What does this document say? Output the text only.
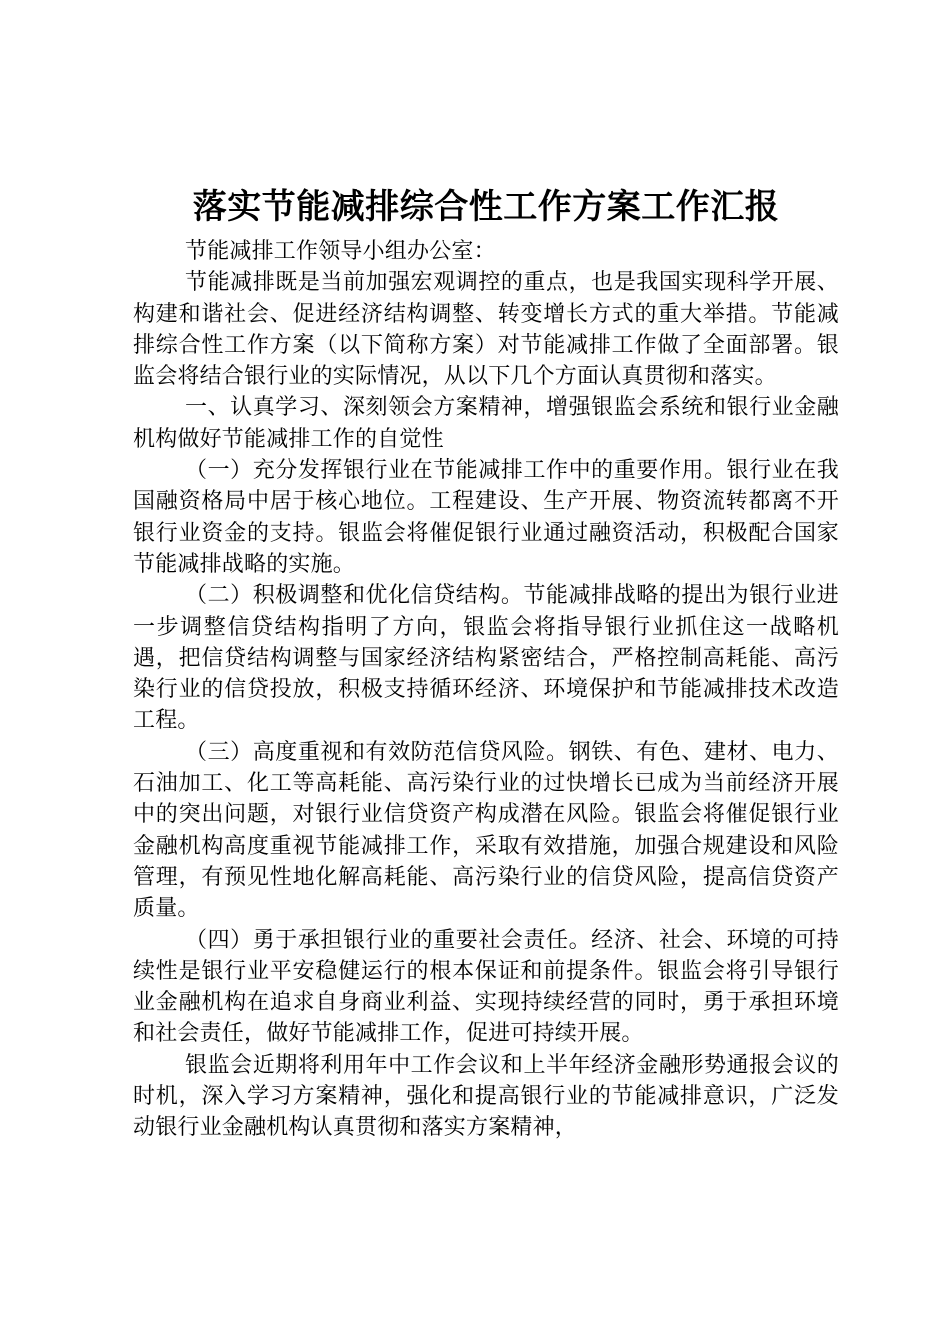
落实节能减排综合性工作方案工作汇报

节能减排工作领导小组办公室：

节能减排既是当前加强宏观调控的重点，也是我国实现科学开展、构建和谐社会、促进经济结构调整、转变增长方式的重大举措。节能减排综合性工作方案（以下简称方案）对节能减排工作做了全面部署。银监会将结合银行业的实际情况，从以下几个方面认真贯彻和落实。

一、认真学习、深刻领会方案精神，增强银监会系统和银行业金融机构做好节能减排工作的自觉性

（一）充分发挥银行业在节能减排工作中的重要作用。银行业在我国融资格局中居于核心地位。工程建设、生产开展、物资流转都离不开银行业资金的支持。银监会将催促银行业通过融资活动，积极配合国家节能减排战略的实施。

（二）积极调整和优化信贷结构。节能减排战略的提出为银行业进一步调整信贷结构指明了方向，银监会将指导银行业抓住这一战略机遇，把信贷结构调整与国家经济结构紧密结合，严格控制高耗能、高污染行业的信贷投放，积极支持循环经济、环境保护和节能减排技术改造工程。

（三）高度重视和有效防范信贷风险。钢铁、有色、建材、电力、石油加工、化工等高耗能、高污染行业的过快增长已成为当前经济开展中的突出问题，对银行业信贷资产构成潜在风险。银监会将催促银行业金融机构高度重视节能减排工作，采取有效措施，加强合规建设和风险管理，有预见性地化解高耗能、高污染行业的信贷风险，提高信贷资产质量。

（四）勇于承担银行业的重要社会责任。经济、社会、环境的可持续性是银行业平安稳健运行的根本保证和前提条件。银监会将引导银行业金融机构在追求自身商业利益、实现持续经营的同时，勇于承担环境和社会责任，做好节能减排工作，促进可持续开展。

银监会近期将利用年中工作会议和上半年经济金融形势通报会议的时机，深入学习方案精神，强化和提高银行业的节能减排意识，广泛发动银行业金融机构认真贯彻和落实方案精神，
